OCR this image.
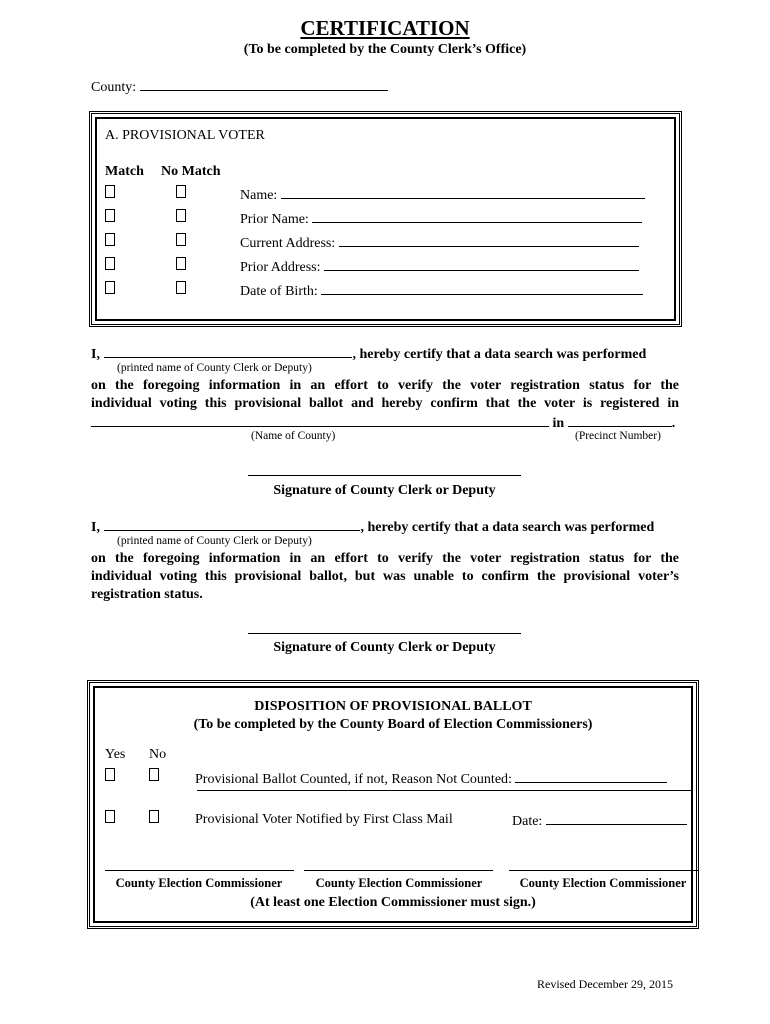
CERTIFICATION
(To be completed by the County Clerk’s Office)
County:
A. PROVISIONAL VOTER
Match No Match
Name:
Prior Name:
Current Address:
Prior Address:
Date of Birth:
I,	, hereby certify that a data search was performed
(printed name of County Clerk or Deputy)
on the foregoing information in an effort to verify the voter registration status for the
individual voting this provisional ballot and hereby confirm that the voter is registered in
in	.
(Name of County)	(Precinct Number)
Signature of County Clerk or Deputy
I,	, hereby certify that a data search was performed
(printed name of County Clerk or Deputy)
on the foregoing information in an effort to verify the voter registration status for the
individual voting this provisional ballot, but was unable to confirm the provisional voter’s
registration status.
Signature of County Clerk or Deputy
DISPOSITION OF PROVISIONAL BALLOT
(To be completed by the County Board of Election Commissioners)
Yes No
Provisional Ballot Counted, if not, Reason Not Counted:
Provisional Voter Notified by First Class Mail	Date:
County Election Commissioner	County Election Commissioner	County Election Commissioner
(At least one Election Commissioner must sign.)
Revised December 29, 2015
